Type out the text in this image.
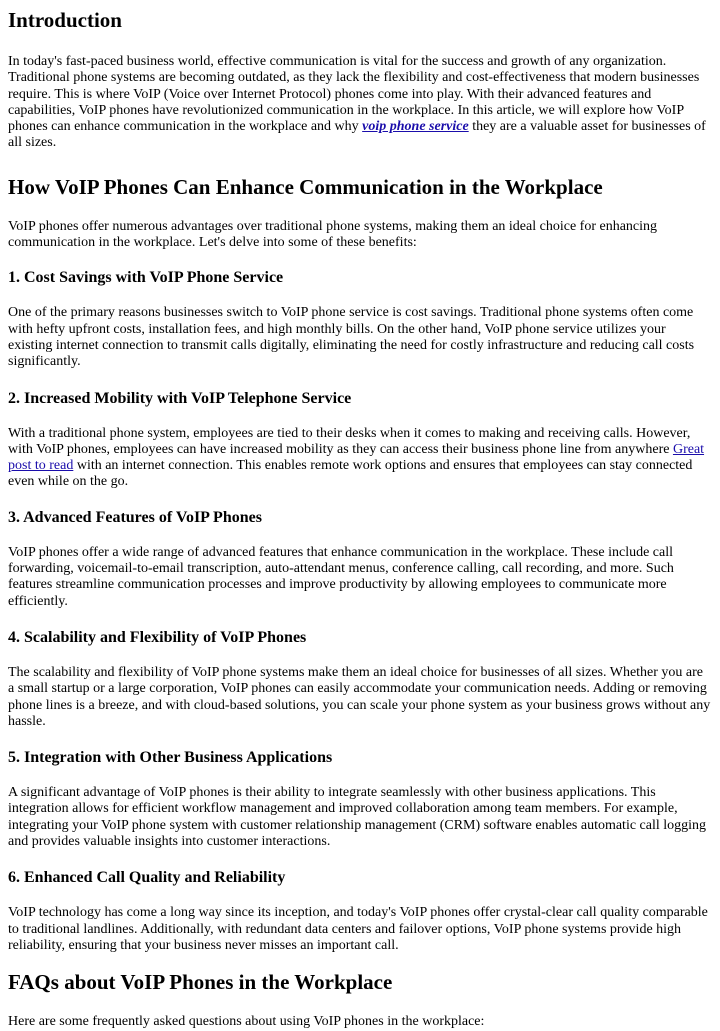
Introduction

In today's fast-paced business world, effective communication is vital for the success and growth of any organization. Traditional phone systems are becoming outdated, as they lack the flexibility and cost-effectiveness that modern businesses require. This is where VoIP (Voice over Internet Protocol) phones come into play. With their advanced features and capabilities, VoIP phones have revolutionized communication in the workplace. In this article, we will explore how VoIP phones can enhance communication in the workplace and why voip phone service they are a valuable asset for businesses of all sizes.

How VoIP Phones Can Enhance Communication in the Workplace

VoIP phones offer numerous advantages over traditional phone systems, making them an ideal choice for enhancing communication in the workplace. Let's delve into some of these benefits:

1. Cost Savings with VoIP Phone Service

One of the primary reasons businesses switch to VoIP phone service is cost savings. Traditional phone systems often come with hefty upfront costs, installation fees, and high monthly bills. On the other hand, VoIP phone service utilizes your existing internet connection to transmit calls digitally, eliminating the need for costly infrastructure and reducing call costs significantly.

2. Increased Mobility with VoIP Telephone Service

With a traditional phone system, employees are tied to their desks when it comes to making and receiving calls. However, with VoIP phones, employees can have increased mobility as they can access their business phone line from anywhere Great post to read with an internet connection. This enables remote work options and ensures that employees can stay connected even while on the go.

3. Advanced Features of VoIP Phones

VoIP phones offer a wide range of advanced features that enhance communication in the workplace. These include call forwarding, voicemail-to-email transcription, auto-attendant menus, conference calling, call recording, and more. Such features streamline communication processes and improve productivity by allowing employees to communicate more efficiently.

4. Scalability and Flexibility of VoIP Phones

The scalability and flexibility of VoIP phone systems make them an ideal choice for businesses of all sizes. Whether you are a small startup or a large corporation, VoIP phones can easily accommodate your communication needs. Adding or removing phone lines is a breeze, and with cloud-based solutions, you can scale your phone system as your business grows without any hassle.

5. Integration with Other Business Applications

A significant advantage of VoIP phones is their ability to integrate seamlessly with other business applications. This integration allows for efficient workflow management and improved collaboration among team members. For example, integrating your VoIP phone system with customer relationship management (CRM) software enables automatic call logging and provides valuable insights into customer interactions.

6. Enhanced Call Quality and Reliability

VoIP technology has come a long way since its inception, and today's VoIP phones offer crystal-clear call quality comparable to traditional landlines. Additionally, with redundant data centers and failover options, VoIP phone systems provide high reliability, ensuring that your business never misses an important call.

FAQs about VoIP Phones in the Workplace

Here are some frequently asked questions about using VoIP phones in the workplace:
